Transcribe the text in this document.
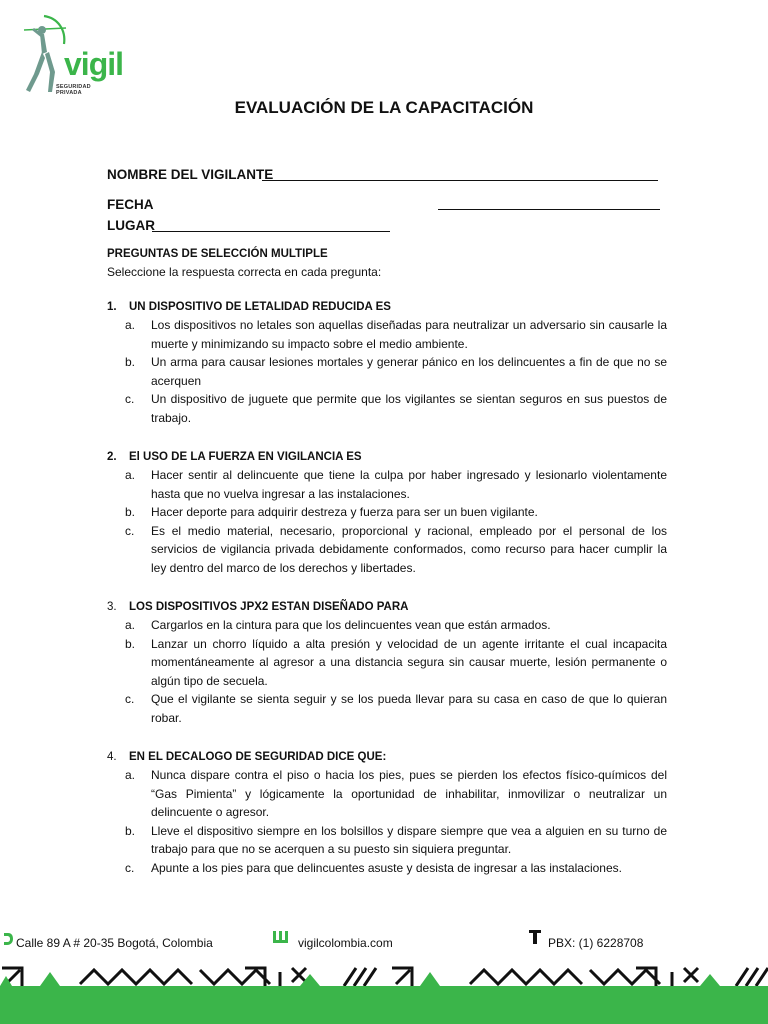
vigil
SEGURIDAD PRIVADA
EVALUACIÓN DE LA CAPACITACIÓN
NOMBRE DEL VIGILANTE
FECHA
LUGAR
PREGUNTAS DE SELECCIÓN MULTIPLE
Seleccione la respuesta correcta en cada pregunta:
1.	UN DISPOSITIVO DE LETALIDAD REDUCIDA ES
a.	Los dispositivos no letales son aquellas diseñadas para neutralizar un adversario sin causarle la muerte y minimizando su impacto sobre el medio ambiente.
b.	Un arma para causar lesiones mortales y generar pánico en los delincuentes a fin de que no se acerquen
c.	Un dispositivo de juguete que permite que los vigilantes se sientan seguros en sus puestos de trabajo.
2.	El USO DE LA FUERZA EN VIGILANCIA ES
a.	Hacer sentir al delincuente que tiene la culpa por haber ingresado y lesionarlo violentamente hasta que no vuelva ingresar a las instalaciones.
b.	Hacer deporte para adquirir destreza y fuerza para ser un buen vigilante.
c.	Es el medio material, necesario, proporcional y racional, empleado por el personal de los servicios de vigilancia privada debidamente conformados, como recurso para hacer cumplir la ley dentro del marco de los derechos y libertades.
3.	LOS DISPOSITIVOS JPX2 ESTAN DISEÑADO PARA
a.	Cargarlos en la cintura para que los delincuentes vean que están armados.
b.	Lanzar un chorro líquido a alta presión y velocidad de un agente irritante el cual incapacita momentáneamente al agresor a una distancia segura sin causar muerte, lesión permanente o algún tipo de secuela.
c.	Que el vigilante se sienta seguir y se los pueda llevar para su casa en caso de que lo quieran robar.
4.	EN EL DECALOGO DE SEGURIDAD DICE QUE:
a.	Nunca dispare contra el piso o hacia los pies, pues se pierden los efectos físico-químicos del “Gas Pimienta” y lógicamente la oportunidad de inhabilitar, inmovilizar o neutralizar un delincuente o agresor.
b.	Lleve el dispositivo siempre en los bolsillos y dispare siempre que vea a alguien en su turno de trabajo para que no se acerquen a su puesto sin siquiera preguntar.
c.	Apunte a los pies para que delincuentes asuste y desista de ingresar a las instalaciones.
Calle 89 A # 20-35 Bogotá, Colombia	vigilcolombia.com	PBX: (1) 6228708
